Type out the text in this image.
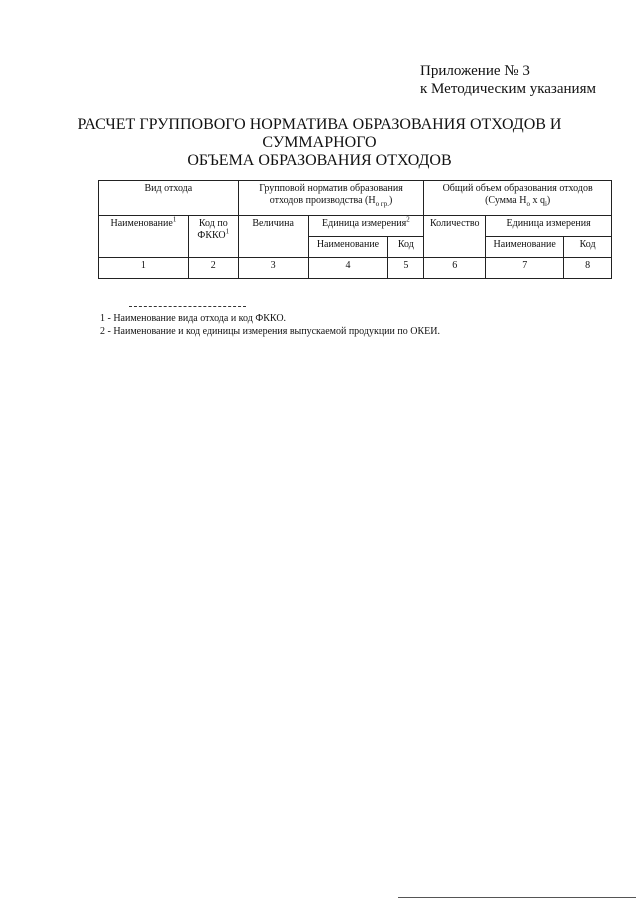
Приложение № 3
к Методическим указаниям
РАСЧЕТ ГРУППОВОГО НОРМАТИВА ОБРАЗОВАНИЯ ОТХОДОВ И
СУММАРНОГО
ОБЪЕМА ОБРАЗОВАНИЯ ОТХОДОВ
Вид отхода		Групповой норматив образования отходов производства $(Н_{о гр.})$			Общий объем образования отходов (Сумма $Н_о$ x $q_i$)		
Наименование$^1$	Код по ФККО$^1$	Величина	Единица измерения$^2$		Количество	Единица измерения	
			Наименование	Код		Наименование	Код
1	2	3	4	5	6	7	8
1 - Наименование вида отхода и код ФККО.
2 - Наименование и код единицы измерения выпускаемой продукции по ОКЕИ.
